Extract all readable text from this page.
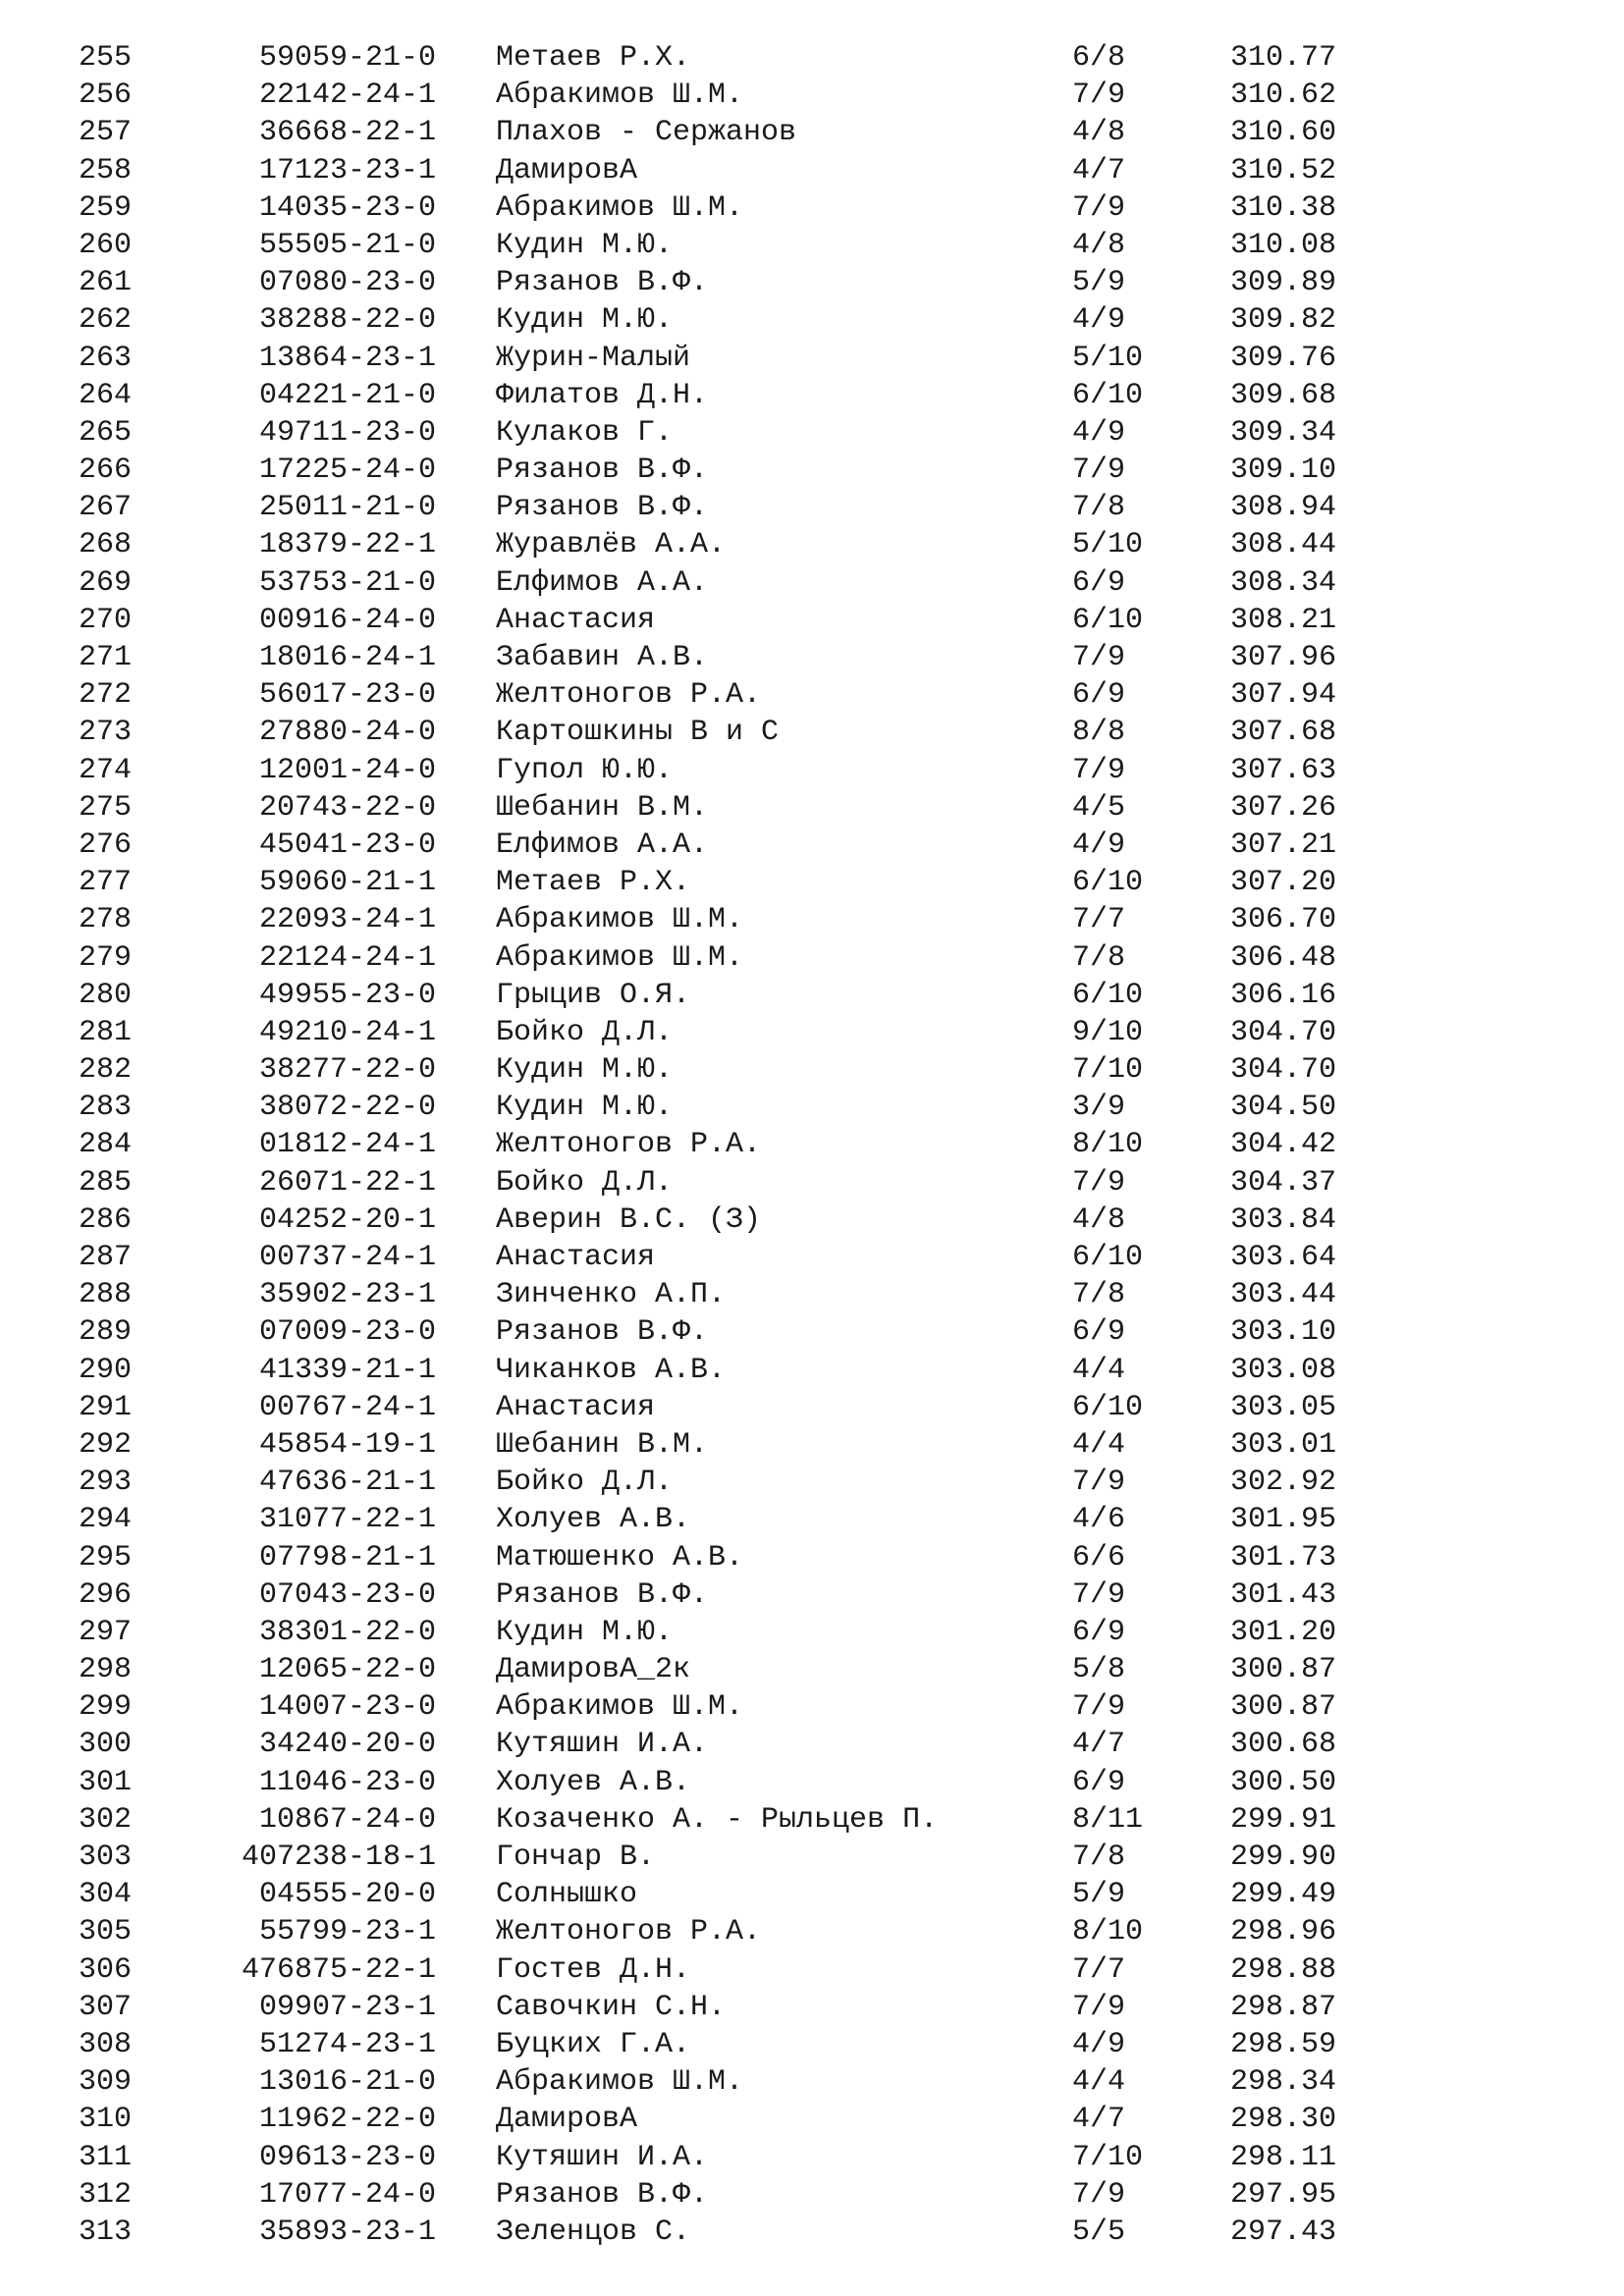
255	59059-21-0 Метаев Р.Х.	6/8	310.77
256	22142-24-1 Абракимов Ш.М.	7/9	310.62
257	36668-22-1 Плахов - Сержанов	4/8	310.60
258	17123-23-1 ДамировА	4/7	310.52
259	14035-23-0 Абракимов Ш.М.	7/9	310.38
260	55505-21-0 Кудин М.Ю.	4/8	310.08
261	07080-23-0 Рязанов В.Ф.	5/9	309.89
262	38288-22-0 Кудин М.Ю.	4/9	309.82
263	13864-23-1 Журин-Малый	5/10	309.76
264	04221-21-0 Филатов Д.Н.	6/10	309.68
265	49711-23-0 Кулаков Г.	4/9	309.34
266	17225-24-0 Рязанов В.Ф.	7/9	309.10
267	25011-21-0 Рязанов В.Ф.	7/8	308.94
268	18379-22-1 Журавлёв А.А.	5/10	308.44
269	53753-21-0 Елфимов А.А.	6/9	308.34
270	00916-24-0 Анастасия	6/10	308.21
271	18016-24-1 Забавин А.В.	7/9	307.96
272	56017-23-0 Желтоногов Р.А.	6/9	307.94
273	27880-24-0 Картошкины В и С	8/8	307.68
274	12001-24-0 Гупол Ю.Ю.	7/9	307.63
275	20743-22-0 Шебанин В.М.	4/5	307.26
276	45041-23-0 Елфимов А.А.	4/9	307.21
277	59060-21-1 Метаев Р.Х.	6/10	307.20
278	22093-24-1 Абракимов Ш.М.	7/7	306.70
279	22124-24-1 Абракимов Ш.М.	7/8	306.48
280	49955-23-0 Грыцив О.Я.	6/10	306.16
281	49210-24-1 Бойко Д.Л.	9/10	304.70
282	38277-22-0 Кудин М.Ю.	7/10	304.70
283	38072-22-0 Кудин М.Ю.	3/9	304.50
284	01812-24-1 Желтоногов Р.А.	8/10	304.42
285	26071-22-1 Бойко Д.Л.	7/9	304.37
286	04252-20-1 Аверин В.С. (З)	4/8	303.84
287	00737-24-1 Анастасия	6/10	303.64
288	35902-23-1 Зинченко А.П.	7/8	303.44
289	07009-23-0 Рязанов В.Ф.	6/9	303.10
290	41339-21-1 Чиканков А.В.	4/4	303.08
291	00767-24-1 Анастасия	6/10	303.05
292	45854-19-1 Шебанин В.М.	4/4	303.01
293	47636-21-1 Бойко Д.Л.	7/9	302.92
294	31077-22-1 Холуев А.В.	4/6	301.95
295	07798-21-1 Матюшенко А.В.	6/6	301.73
296	07043-23-0 Рязанов В.Ф.	7/9	301.43
297	38301-22-0 Кудин М.Ю.	6/9	301.20
298	12065-22-0 ДамировА_2к	5/8	300.87
299	14007-23-0 Абракимов Ш.М.	7/9	300.87
300	34240-20-0 Кутяшин И.А.	4/7	300.68
301	11046-23-0 Холуев А.В.	6/9	300.50
302	10867-24-0 Козаченко А. - Рыльцев П.	8/11	299.91
303	407238-18-1 Гончар В.	7/8	299.90
304	04555-20-0 Солнышко	5/9	299.49
305	55799-23-1 Желтоногов Р.А.	8/10	298.96
306	476875-22-1 Гостев Д.Н.	7/7	298.88
307	09907-23-1 Савочкин С.Н.	7/9	298.87
308	51274-23-1 Буцких Г.А.	4/9	298.59
309	13016-21-0 Абракимов Ш.М.	4/4	298.34
310	11962-22-0 ДамировА	4/7	298.30
311	09613-23-0 Кутяшин И.А.	7/10	298.11
312	17077-24-0 Рязанов В.Ф.	7/9	297.95
313	35893-23-1 Зеленцов С.	5/5	297.43
